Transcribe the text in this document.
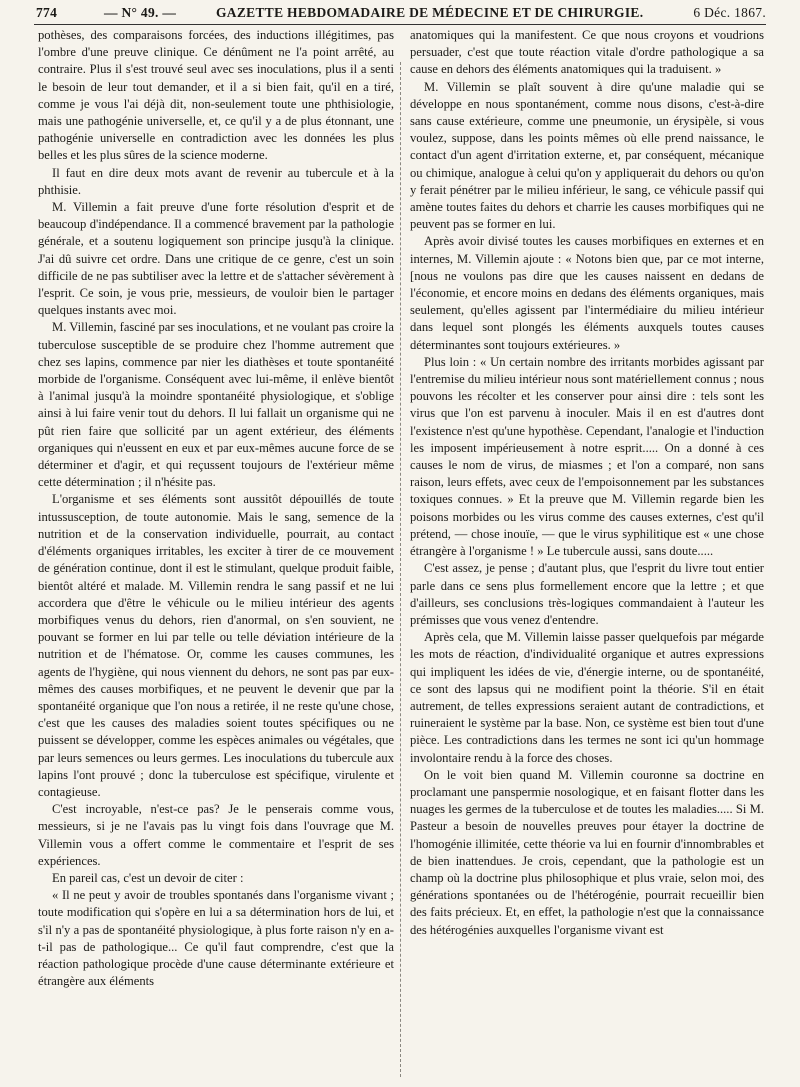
774	— N° 49. —	GAZETTE HEBDOMADAIRE DE MÉDECINE ET DE CHIRURGIE.	6 Déc. 1867.

pothèses, des comparaisons forcées, des inductions illégitimes, pas l'ombre d'une preuve clinique. Ce dénûment ne l'a point arrêté, au contraire. Plus il s'est trouvé seul avec ses inoculations, plus il a senti le besoin de leur tout demander, et il a si bien fait, qu'il en a tiré, comme je vous l'ai déjà dit, non-seulement toute une phthisiologie, mais une pathogénie universelle, et, ce qu'il y a de plus étonnant, une pathogénie universelle en contradiction avec les données les plus belles et les plus sûres de la science moderne.

Il faut en dire deux mots avant de revenir au tubercule et à la phthisie.

M. Villemin a fait preuve d'une forte résolution d'esprit et de beaucoup d'indépendance. Il a commencé bravement par la pathologie générale, et a soutenu logiquement son principe jusqu'à la clinique. J'ai dû suivre cet ordre. Dans une critique de ce genre, c'est un soin difficile de ne pas subtiliser avec la lettre et de s'attacher sévèrement à l'esprit. Ce soin, je vous prie, messieurs, de vouloir bien le partager quelques instants avec moi.

M. Villemin, fasciné par ses inoculations, et ne voulant pas croire la tuberculose susceptible de se produire chez l'homme autrement que chez ses lapins, commence par nier les diathèses et toute spontanéité morbide de l'organisme. Conséquent avec lui-même, il enlève bientôt à l'animal jusqu'à la moindre spontanéité physiologique, et s'oblige ainsi à lui faire venir tout du dehors. Il lui fallait un organisme qui ne pût rien faire que sollicité par un agent extérieur, des éléments organiques qui n'eussent en eux et par eux-mêmes aucune force de se déterminer et d'agir, et qui reçussent toujours de l'extérieur même cette détermination ; il n'hésite pas.

L'organisme et ses éléments sont aussitôt dépouillés de toute intussusception, de toute autonomie. Mais le sang, semence de la nutrition et de la conservation individuelle, pourrait, au contact d'éléments organiques irritables, les exciter à tirer de ce mouvement de génération continue, dont il est le stimulant, quelque produit faible, bientôt altéré et malade. M. Villemin rendra le sang passif et ne lui accordera que d'être le véhicule ou le milieu intérieur des agents morbifiques venus du dehors, rien d'anormal, on s'en souvient, ne pouvant se former en lui par telle ou telle déviation intérieure de la nutrition et de l'hématose. Or, comme les causes communes, les agents de l'hygiène, qui nous viennent du dehors, ne sont pas par eux-mêmes des causes morbifiques, et ne peuvent le devenir que par la spontanéité organique que l'on nous a retirée, il ne reste qu'une chose, c'est que les causes des maladies soient toutes spécifiques ou ne puissent se développer, comme les espèces animales ou végétales, que par leurs semences ou leurs germes. Les inoculations du tubercule aux lapins l'ont prouvé ; donc la tuberculose est spécifique, virulente et contagieuse.

C'est incroyable, n'est-ce pas? Je le penserais comme vous, messieurs, si je ne l'avais pas lu vingt fois dans l'ouvrage que M. Villemin vous a offert comme le commentaire et l'esprit de ses expériences.

En pareil cas, c'est un devoir de citer :

« Il ne peut y avoir de troubles spontanés dans l'organisme vivant ; toute modification qui s'opère en lui a sa détermination hors de lui, et s'il n'y a pas de spontanéité physiologique, à plus forte raison n'y en a-t-il pas de pathologique... Ce qu'il faut comprendre, c'est que la réaction pathologique procède d'une cause déterminante extérieure et étrangère aux éléments

anatomiques qui la manifestent. Ce que nous croyons et voudrions persuader, c'est que toute réaction vitale d'ordre pathologique a sa cause en dehors des éléments anatomiques qui la traduisent. »

M. Villemin se plaît souvent à dire qu'une maladie qui se développe en nous spontanément, comme nous disons, c'est-à-dire sans cause extérieure, comme une pneumonie, un érysipèle, si vous voulez, suppose, dans les points mêmes où elle prend naissance, le contact d'un agent d'irritation externe, et, par conséquent, mécanique ou chimique, analogue à celui qu'on y appliquerait du dehors ou qu'on y ferait pénétrer par le milieu inférieur, le sang, ce véhicule passif qui amène toutes faites du dehors et charrie les causes morbifiques qui ne peuvent pas se former en lui.

Après avoir divisé toutes les causes morbifiques en externes et en internes, M. Villemin ajoute : « Notons bien que, par ce mot interne, [nous ne voulons pas dire que les causes naissent en dedans de l'économie, et encore moins en dedans des éléments organiques, mais seulement, qu'elles agissent par l'intermédiaire du milieu intérieur dans lequel sont plongés les éléments auxquels toutes causes déterminantes sont toujours extérieures. »

Plus loin : « Un certain nombre des irritants morbides agissant par l'entremise du milieu intérieur nous sont matériellement connus ; nous pouvons les récolter et les conserver pour ainsi dire : tels sont les virus que l'on est parvenu à inoculer. Mais il en est d'autres dont l'existence n'est qu'une hypothèse. Cependant, l'analogie et l'induction les imposent impérieusement à notre esprit..... On a donné à ces causes le nom de virus, de miasmes ; et l'on a comparé, non sans raison, leurs effets, avec ceux de l'empoisonnement par les substances toxiques connues. » Et la preuve que M. Villemin regarde bien les poisons morbides ou les virus comme des causes externes, c'est qu'il prétend, — chose inouïe, — que le virus syphilitique est « une chose étrangère à l'organisme ! » Le tubercule aussi, sans doute.....

C'est assez, je pense ; d'autant plus, que l'esprit du livre tout entier parle dans ce sens plus formellement encore que la lettre ; et que d'ailleurs, ses conclusions très-logiques commandaient à l'auteur les prémisses que vous venez d'entendre.

Après cela, que M. Villemin laisse passer quelquefois par mégarde les mots de réaction, d'individualité organique et autres expressions qui impliquent les idées de vie, d'énergie interne, ou de spontanéité, ce sont des lapsus qui ne modifient point la théorie. S'il en était autrement, de telles expressions seraient autant de contradictions, et ruineraient le système par la base. Non, ce système est bien tout d'une pièce. Les contradictions dans les termes ne sont ici qu'un hommage involontaire rendu à la force des choses.

On le voit bien quand M. Villemin couronne sa doctrine en proclamant une panspermie nosologique, et en faisant flotter dans les nuages les germes de la tuberculose et de toutes les maladies..... Si M. Pasteur a besoin de nouvelles preuves pour étayer la doctrine de l'homogénie illimitée, cette théorie va lui en fournir d'innombrables et de bien inattendues. Je crois, cependant, que la pathologie est un champ où la doctrine plus philosophique et plus vraie, selon moi, des générations spontanées ou de l'hétérogénie, pourrait recueillir bien des faits précieux. Et, en effet, la pathologie n'est que la connaissance des hétérogénies auxquelles l'organisme vivant est
